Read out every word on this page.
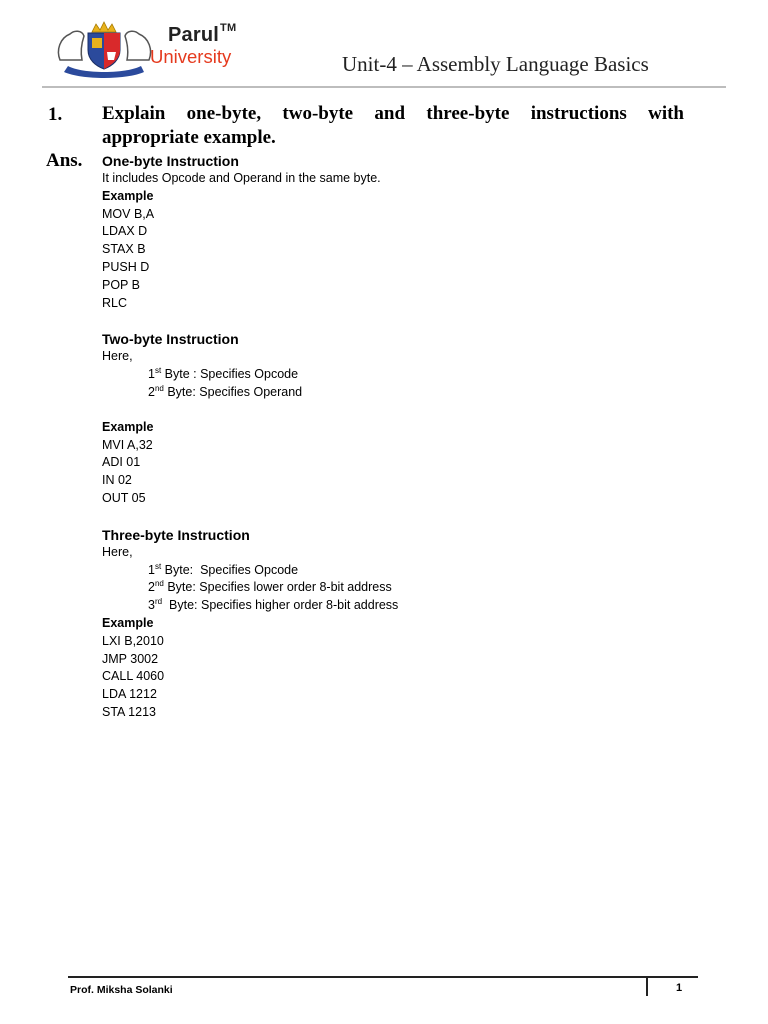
Parul™
University	Unit-4 – Assembly Language Basics
1. Explain one-byte, two-byte and three-byte instructions with appropriate example.
Ans. One-byte Instruction
It includes Opcode and Operand in the same byte.
Example
MOV B,A
LDAX D
STAX B
PUSH D
POP B
RLC
Two-byte Instruction
Here,
1st Byte : Specifies Opcode
2nd Byte: Specifies Operand
Example
MVI A,32
ADI 01
IN 02
OUT 05
Three-byte Instruction
Here,
1st Byte:  Specifies Opcode
2nd Byte: Specifies lower order 8-bit address
3rd  Byte: Specifies higher order 8-bit address
Example
LXI B,2010
JMP 3002
CALL 4060
LDA 1212
STA 1213
Prof. Miksha Solanki	1
